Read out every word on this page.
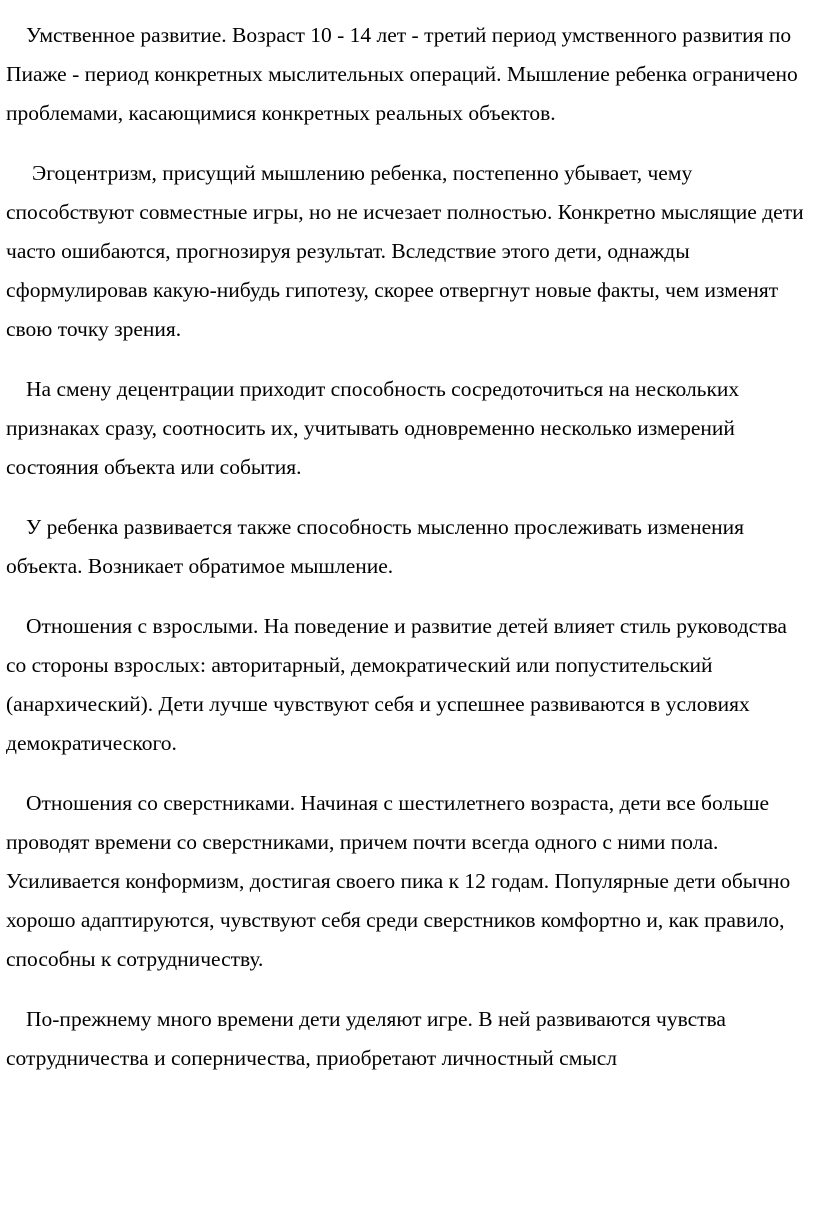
Умственное развитие. Возраст 10 - 14 лет - третий период умственного развития по Пиаже - период конкретных мыслительных операций. Мышление ребенка ограничено проблемами, касающимися конкретных реальных объектов.

Эгоцентризм, присущий мышлению ребенка, постепенно убывает, чему способствуют совместные игры, но не исчезает полностью. Конкретно мыслящие дети часто ошибаются, прогнозируя результат. Вследствие этого дети, однажды сформулировав какую-нибудь гипотезу, скорее отвергнут новые факты, чем изменят свою точку зрения.

На смену децентрации приходит способность сосредоточиться на нескольких признаках сразу, соотносить их, учитывать одновременно несколько измерений состояния объекта или события.

У ребенка развивается также способность мысленно прослеживать изменения объекта. Возникает обратимое мышление.

Отношения с взрослыми. На поведение и развитие детей влияет стиль руководства со стороны взрослых: авторитарный, демократический или попустительский (анархический). Дети лучше чувствуют себя и успешнее развиваются в условиях демократического.

Отношения со сверстниками. Начиная с шестилетнего возраста, дети все больше проводят времени со сверстниками, причем почти всегда одного с ними пола. Усиливается конформизм, достигая своего пика к 12 годам. Популярные дети обычно хорошо адаптируются, чувствуют себя среди сверстников комфортно и, как правило, способны к сотрудничеству.

По-прежнему много времени дети уделяют игре. В ней развиваются чувства сотрудничества и соперничества, приобретают личностный смысл
